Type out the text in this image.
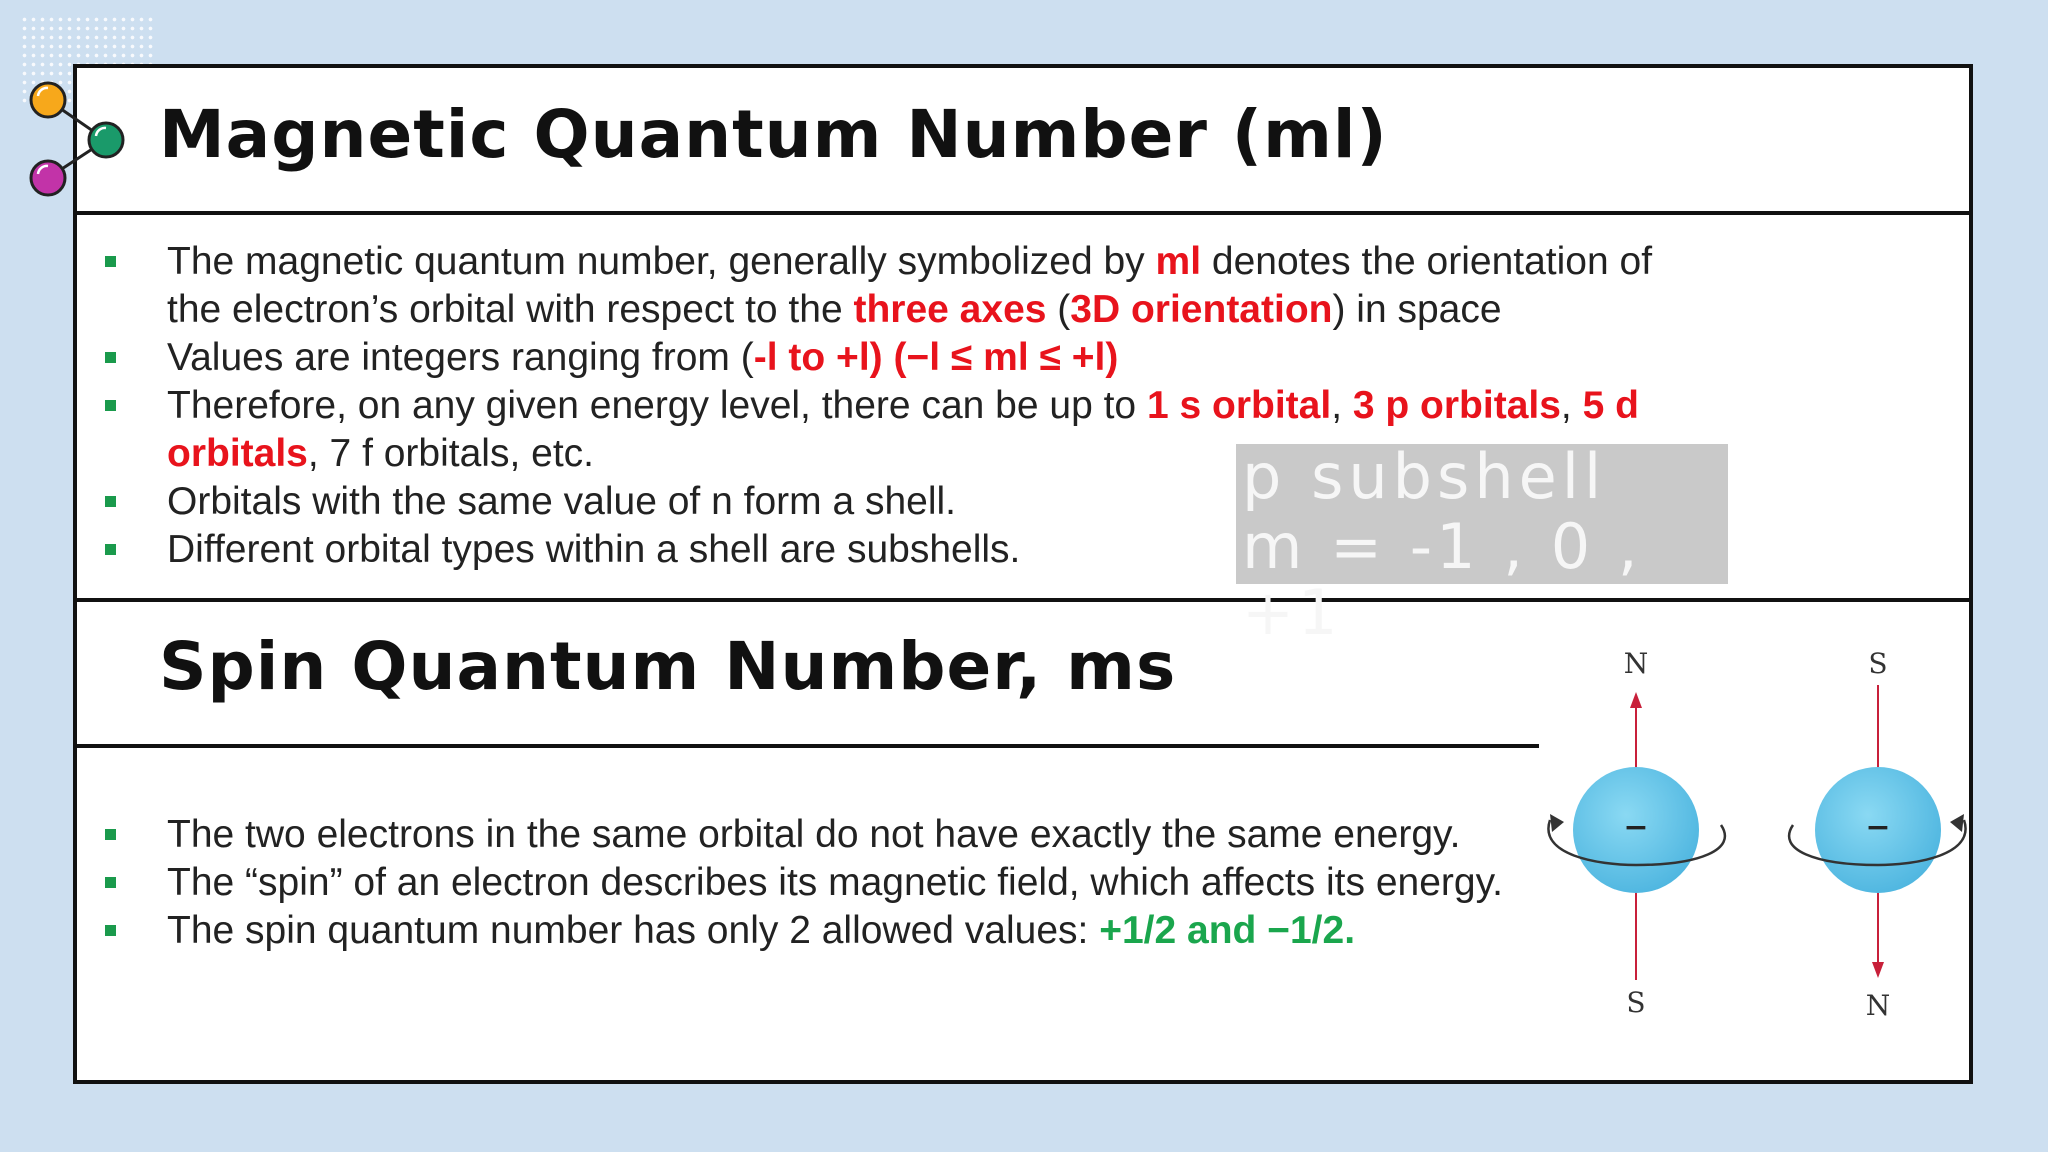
Magnetic Quantum Number (ml)
The magnetic quantum number, generally symbolized by ml denotes the orientation of
the electron’s orbital with respect to the three axes (3D orientation) in space
Values are integers ranging from (-l to +l) (−l ≤ ml ≤ +l)
Therefore, on any given energy level, there can be up to 1 s orbital, 3 p orbitals, 5 d
orbitals, 7 f orbitals, etc.
Orbitals with the same value of n form a shell.
Different orbital types within a shell are subshells.
Spin Quantum Number, ms
The two electrons in the same orbital do not have exactly the same energy.
The “spin” of an electron describes its magnetic field, which affects its energy.
The spin quantum number has only 2 allowed values: +1/2 and −1/2.
p subshell
m = -1 , 0 , +1
−
N
S
−
S
N
